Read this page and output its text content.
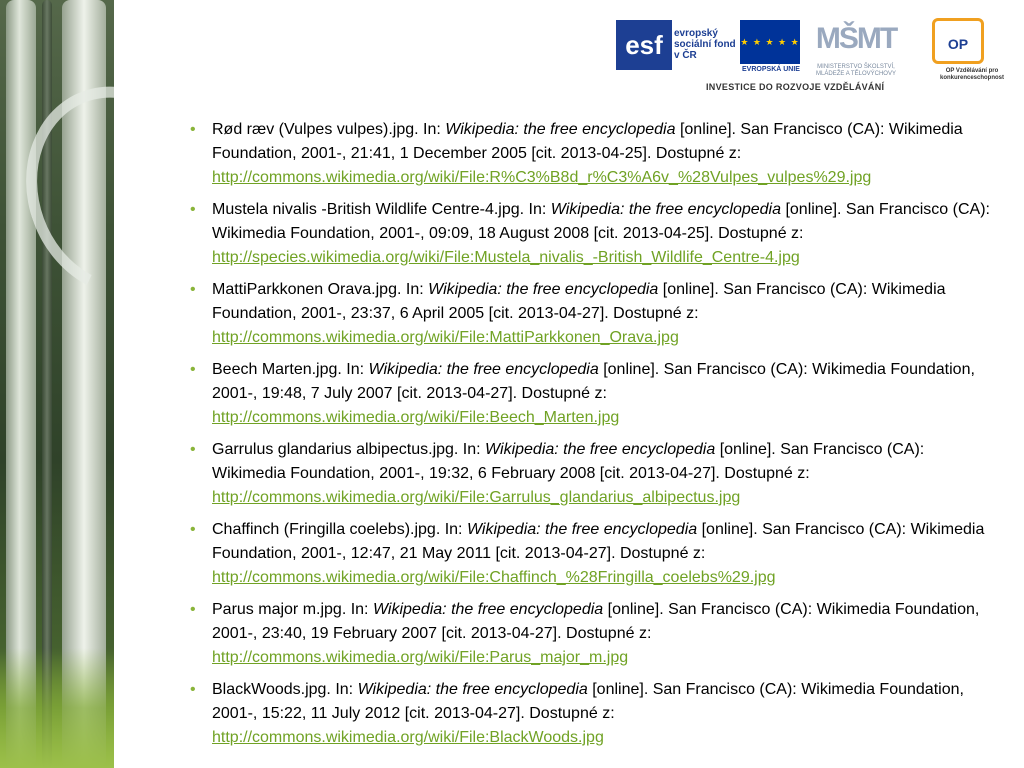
esf	evropský sociální fond v ČR
★ ★ ★ ★ ★
EVROPSKÁ UNIE
MŠMT
MINISTERSTVO ŠKOLSTVÍ, MLÁDEŽE A TĚLOVÝCHOVY
OP
OP Vzdělávání pro konkurenceschopnost
INVESTICE DO ROZVOJE VZDĚLÁVÁNÍ
• Rød ræv (Vulpes vulpes).jpg. In: Wikipedia: the free encyclopedia [online]. San Francisco (CA): Wikimedia Foundation, 2001-, 21:41, 1 December 2005 [cit. 2013-04-25]. Dostupné z: http://commons.wikimedia.org/wiki/File:R%C3%B8d_r%C3%A6v_%28Vulpes_vulpes%29.jpg
• Mustela nivalis -British Wildlife Centre-4.jpg. In: Wikipedia: the free encyclopedia [online]. San Francisco (CA): Wikimedia Foundation, 2001-, 09:09, 18 August 2008 [cit. 2013-04-25]. Dostupné z: http://species.wikimedia.org/wiki/File:Mustela_nivalis_-British_Wildlife_Centre-4.jpg
• MattiParkkonen Orava.jpg. In: Wikipedia: the free encyclopedia [online]. San Francisco (CA): Wikimedia Foundation, 2001-, 23:37, 6 April 2005 [cit. 2013-04-27]. Dostupné z: http://commons.wikimedia.org/wiki/File:MattiParkkonen_Orava.jpg
• Beech Marten.jpg. In: Wikipedia: the free encyclopedia [online]. San Francisco (CA): Wikimedia Foundation, 2001-, 19:48, 7 July 2007 [cit. 2013-04-27]. Dostupné z: http://commons.wikimedia.org/wiki/File:Beech_Marten.jpg
• Garrulus glandarius albipectus.jpg. In: Wikipedia: the free encyclopedia [online]. San Francisco (CA): Wikimedia Foundation, 2001-, 19:32, 6 February 2008 [cit. 2013-04-27]. Dostupné z: http://commons.wikimedia.org/wiki/File:Garrulus_glandarius_albipectus.jpg
• Chaffinch (Fringilla coelebs).jpg. In: Wikipedia: the free encyclopedia [online]. San Francisco (CA): Wikimedia Foundation, 2001-, 12:47, 21 May 2011 [cit. 2013-04-27]. Dostupné z: http://commons.wikimedia.org/wiki/File:Chaffinch_%28Fringilla_coelebs%29.jpg
• Parus major m.jpg. In: Wikipedia: the free encyclopedia [online]. San Francisco (CA): Wikimedia Foundation, 2001-, 23:40, 19 February 2007 [cit. 2013-04-27]. Dostupné z: http://commons.wikimedia.org/wiki/File:Parus_major_m.jpg
• BlackWoods.jpg. In: Wikipedia: the free encyclopedia [online]. San Francisco (CA): Wikimedia Foundation, 2001-, 15:22, 11 July 2012 [cit. 2013-04-27]. Dostupné z: http://commons.wikimedia.org/wiki/File:BlackWoods.jpg
